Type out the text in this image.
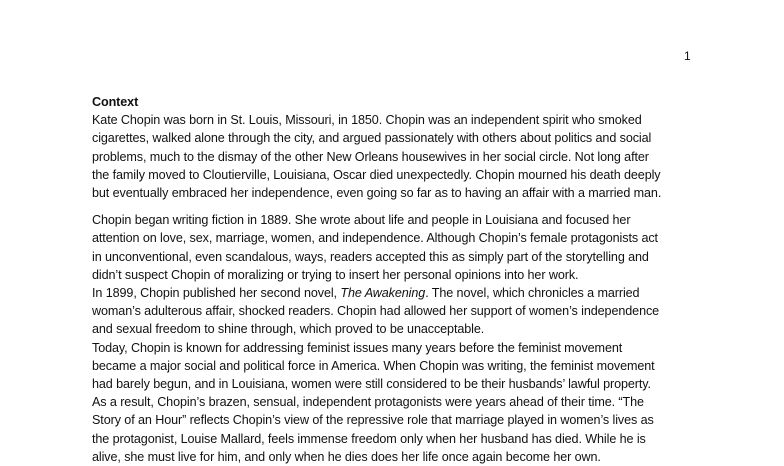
1

Context

Kate Chopin was born in St. Louis, Missouri, in 1850. Chopin was an independent spirit who smoked
cigarettes, walked alone through the city, and argued passionately with others about politics and social
problems, much to the dismay of the other New Orleans housewives in her social circle. Not long after
the family moved to Cloutierville, Louisiana, Oscar died unexpectedly. Chopin mourned his death deeply
but eventually embraced her independence, even going so far as to having an affair with a married man.

Chopin began writing fiction in 1889. She wrote about life and people in Louisiana and focused her
attention on love, sex, marriage, women, and independence. Although Chopin’s female protagonists act
in unconventional, even scandalous, ways, readers accepted this as simply part of the storytelling and
didn’t suspect Chopin of moralizing or trying to insert her personal opinions into her work.

In 1899, Chopin published her second novel, The Awakening. The novel, which chronicles a married
woman’s adulterous affair, shocked readers. Chopin had allowed her support of women’s independence
and sexual freedom to shine through, which proved to be unacceptable.

Today, Chopin is known for addressing feminist issues many years before the feminist movement
became a major social and political force in America. When Chopin was writing, the feminist movement
had barely begun, and in Louisiana, women were still considered to be their husbands’ lawful property.
As a result, Chopin’s brazen, sensual, independent protagonists were years ahead of their time. “The
Story of an Hour” reflects Chopin’s view of the repressive role that marriage played in women’s lives as
the protagonist, Louise Mallard, feels immense freedom only when her husband has died. While he is
alive, she must live for him, and only when he dies does her life once again become her own.
